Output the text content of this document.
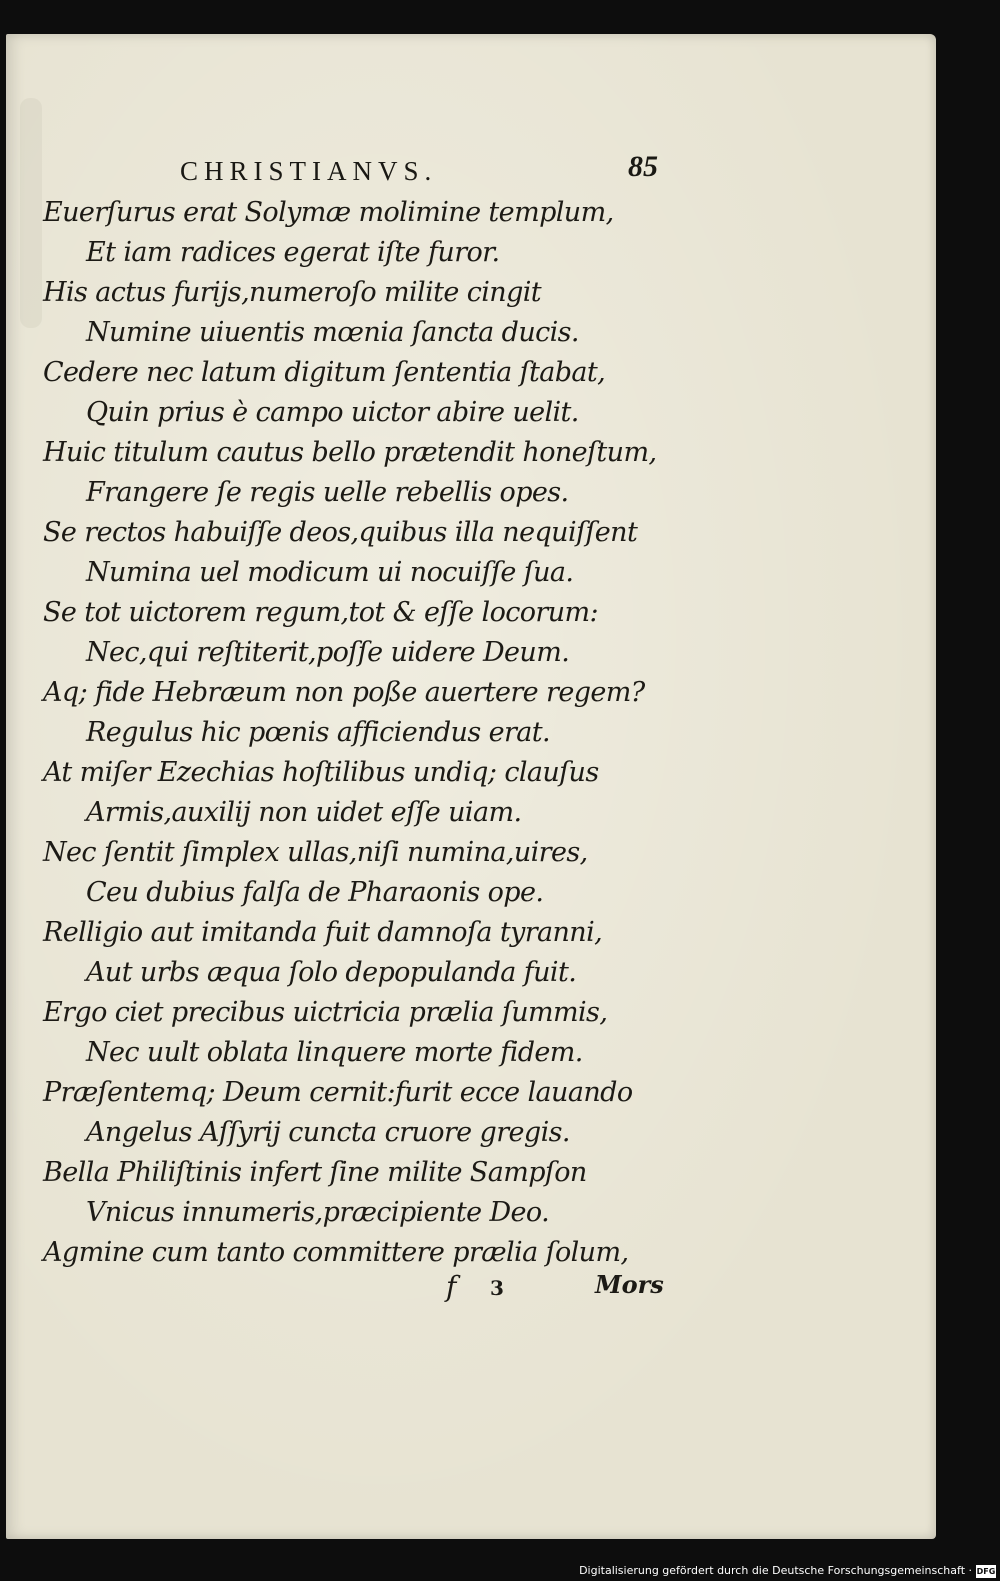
CHRISTIANVS.	85
Euerſurus erat Solymæ molimine templum,
Et iam radices egerat iſte furor.
His actus furijs,numeroſo milite cingit
Numine uiuentis mœnia ſancta ducis.
Cedere nec latum digitum ſententia ſtabat,
Quin prius è campo uictor abire uelit.
Huic titulum cautus bello prætendit honeſtum,
Frangere ſe regis uelle rebellis opes.
Se rectos habuiſſe deos,quibus illa nequiſſent
Numina uel modicum ui nocuiſſe ſua.
Se tot uictorem regum,tot & eſſe locorum:
Nec,qui reſtiterit,poſſe uidere Deum.
Aq; fide Hebræum non poße auertere regem?
Regulus hic pœnis afficiendus erat.
At miſer Ezechias hoſtilibus undiq; clauſus
Armis,auxilij non uidet eſſe uiam.
Nec ſentit ſimplex ullas,niſi numina,uires,
Ceu dubius falſa de Pharaonis ope.
Relligio aut imitanda fuit damnoſa tyranni,
Aut urbs æqua ſolo depopulanda fuit.
Ergo ciet precibus uictricia prælia ſummis,
Nec uult oblata linquere morte fidem.
Præſentemq; Deum cernit:furit ecce lauando
Angelus Aſſyrij cuncta cruore gregis.
Bella Philiſtinis infert ſine milite Sampſon
Vnicus innumeris,præcipiente Deo.
Agmine cum tanto committere prælia ſolum,
f 3	Mors
Digitalisierung gefördert durch die Deutsche Forschungsgemeinschaft · DFG
